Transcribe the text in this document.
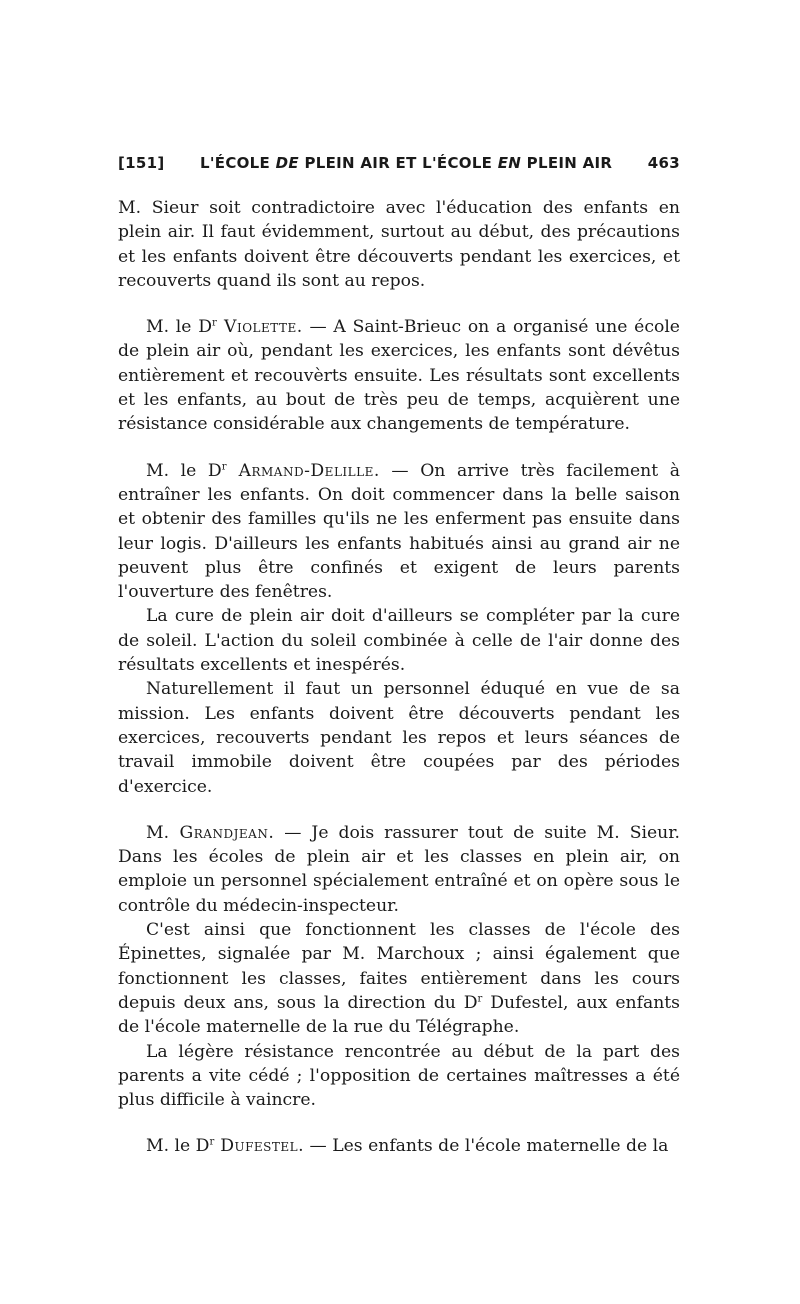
[151]	L'ÉCOLE DE PLEIN AIR ET L'ÉCOLE EN PLEIN AIR	463

M. Sieur soit contradictoire avec l'éducation des enfants en plein air. Il faut évidemment, surtout au début, des précautions et les enfants doivent être découverts pendant les exercices, et recouverts quand ils sont au repos.

M. le $D^r$ Violette. — A Saint-Brieuc on a organisé une école de plein air où, pendant les exercices, les enfants sont dévêtus entièrement et recouvèrts ensuite. Les résultats sont excellents et les enfants, au bout de très peu de temps, acquièrent une résistance considérable aux changements de température.

M. le $D^r$ Armand-Delille. — On arrive très facilement à entraîner les enfants. On doit commencer dans la belle saison et obtenir des familles qu'ils ne les enferment pas ensuite dans leur logis. D'ailleurs les enfants habitués ainsi au grand air ne peuvent plus être confinés et exigent de leurs parents l'ouverture des fenêtres.

La cure de plein air doit d'ailleurs se compléter par la cure de soleil. L'action du soleil combinée à celle de l'air donne des résultats excellents et inespérés.

Naturellement il faut un personnel éduqué en vue de sa mission. Les enfants doivent être découverts pendant les exercices, recouverts pendant les repos et leurs séances de travail immobile doivent être coupées par des périodes d'exercice.

M. Grandjean. — Je dois rassurer tout de suite M. Sieur. Dans les écoles de plein air et les classes en plein air, on emploie un personnel spécialement entraîné et on opère sous le contrôle du médecin-inspecteur.

C'est ainsi que fonctionnent les classes de l'école des Épinettes, signalée par M. Marchoux ; ainsi également que fonctionnent les classes, faites entièrement dans les cours depuis deux ans, sous la direction du $D^r$ Dufestel, aux enfants de l'école maternelle de la rue du Télégraphe.

La légère résistance rencontrée au début de la part des parents a vite cédé ; l'opposition de certaines maîtresses a été plus difficile à vaincre.

M. le $D^r$ Dufestel. — Les enfants de l'école maternelle de la
